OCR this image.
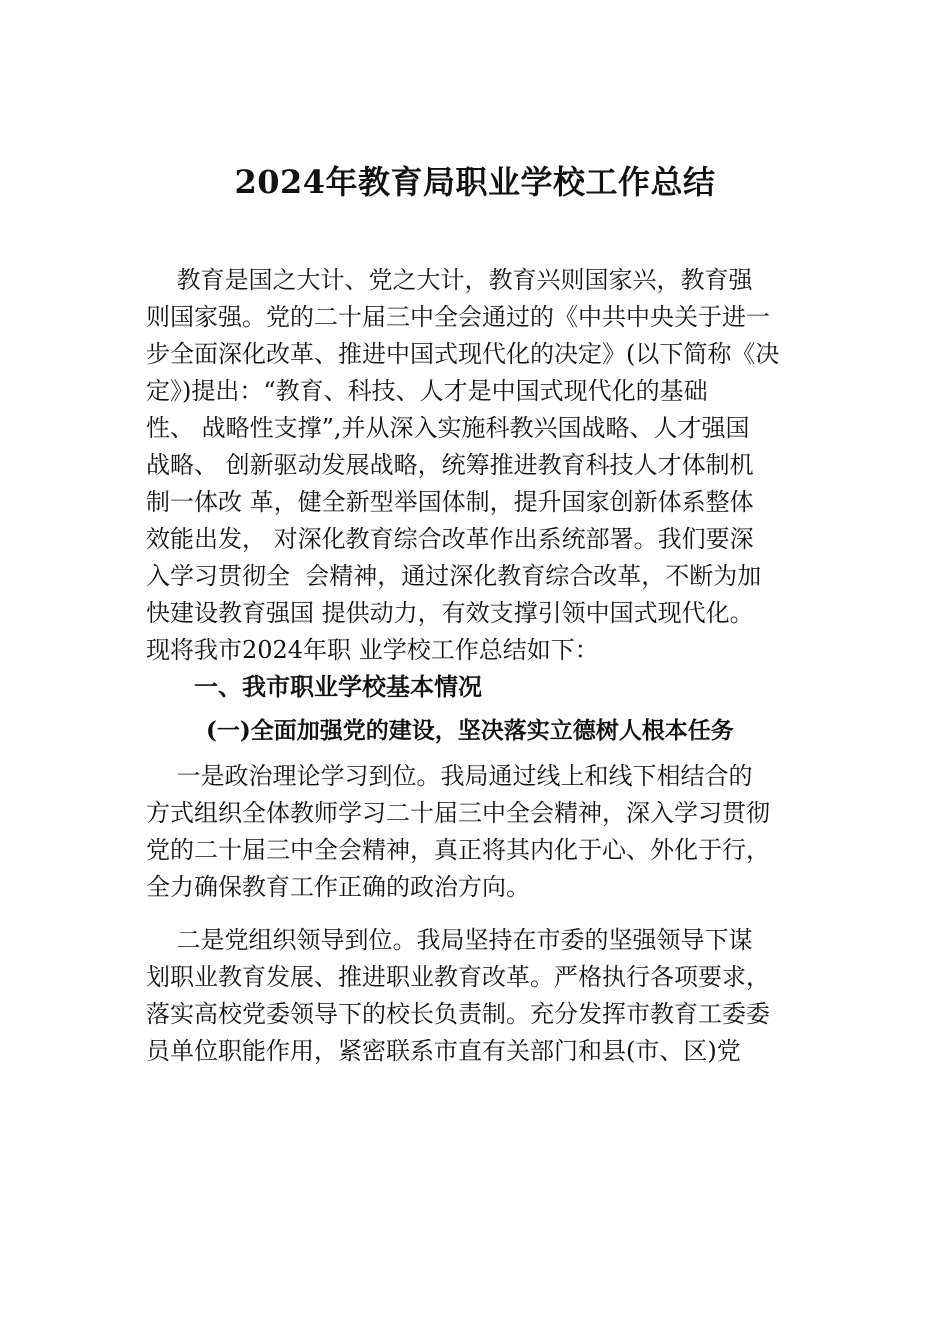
2024年教育局职业学校工作总结

教育是国之大计、党之大计，教育兴则国家兴，教育强

则国家强。党的二十届三中全会通过的《中共中央关于进一

步全面深化改革、推进中国式现代化的决定》(以下简称《决

定》)提出：“教育、科技、人才是中国式现代化的基础

性、 战略性支撑”,并从深入实施科教兴国战略、人才强国

战略、 创新驱动发展战略，统筹推进教育科技人才体制机

制一体改 革，健全新型举国体制，提升国家创新体系整体

效能出发， 对深化教育综合改革作出系统部署。我们要深

入学习贯彻全  会精神，通过深化教育综合改革，不断为加

快建设教育强国 提供动力，有效支撑引领中国式现代化。

现将我市2024年职 业学校工作总结如下：

一、我市职业学校基本情况

(一)全面加强党的建设，坚决落实立德树人根本任务

一是政治理论学习到位。我局通过线上和线下相结合的

方式组织全体教师学习二十届三中全会精神，深入学习贯彻

党的二十届三中全会精神，真正将其内化于心、外化于行，

全力确保教育工作正确的政治方向。

二是党组织领导到位。我局坚持在市委的坚强领导下谋

划职业教育发展、推进职业教育改革。严格执行各项要求，

落实高校党委领导下的校长负责制。充分发挥市教育工委委

员单位职能作用，紧密联系市直有关部门和县(市、区)党
